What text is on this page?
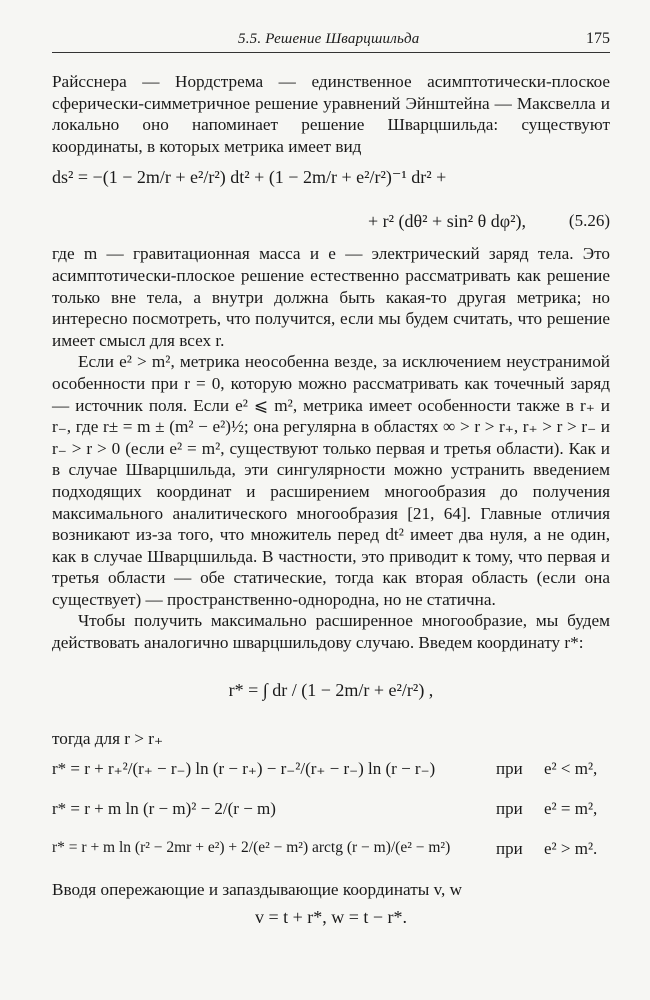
5.5. Решение Шварцшильда	175

Райсснера — Нордстрема — единственное асимптотически-плоское сферически-симметричное решение уравнений Эйнштейна — Максвелла и локально оно напоминает решение Шварцшильда: существуют координаты, в которых метрика имеет вид

ds² = −(1 − 2m/r + e²/r²) dt² + (1 − 2m/r + e²/r²)⁻¹ dr² +
+ r² (dθ² + sin² θ dφ²),	(5.26)

где m — гравитационная масса и e — электрический заряд тела. Это асимптотически-плоское решение естественно рассматривать как решение только вне тела, а внутри должна быть какая-то другая метрика; но интересно посмотреть, что получится, если мы будем считать, что решение имеет смысл для всех r.

Если e² > m², метрика неособенна везде, за исключением неустранимой особенности при r = 0, которую можно рассматривать как точечный заряд — источник поля. Если e² ⩽ m², метрика имеет особенности также в r₊ и r₋, где r± = m ± (m² − e²)½; она регулярна в областях ∞ > r > r₊, r₊ > r > r₋ и r₋ > r > 0 (если e² = m², существуют только первая и третья области). Как и в случае Шварцшильда, эти сингулярности можно устранить введением подходящих координат и расширением многообразия до получения максимального аналитического многообразия [21, 64]. Главные отличия возникают из-за того, что множитель перед dt² имеет два нуля, а не один, как в случае Шварцшильда. В частности, это приводит к тому, что первая и третья области — обе статические, тогда как вторая область (если она существует) — пространственно-однородна, но не статична.

Чтобы получить максимально расширенное многообразие, мы будем действовать аналогично шварцшильдову случаю. Введем координату r*:

r* = ∫ dr / (1 − 2m/r + e²/r²) ,

тогда для r > r₊

r* = r + r₊²/(r₊ − r₋) ln (r − r₊) − r₋²/(r₊ − r₋) ln (r − r₋)	при e² < m²,
r* = r + m ln (r − m)² − 2/(r − m)	при e² = m²,
r* = r + m ln (r² − 2mr + e²) + 2/(e² − m²) arctg (r − m)/(e² − m²)	при e² > m².

Вводя опережающие и запаздывающие координаты v, w

v = t + r*, w = t − r*.
